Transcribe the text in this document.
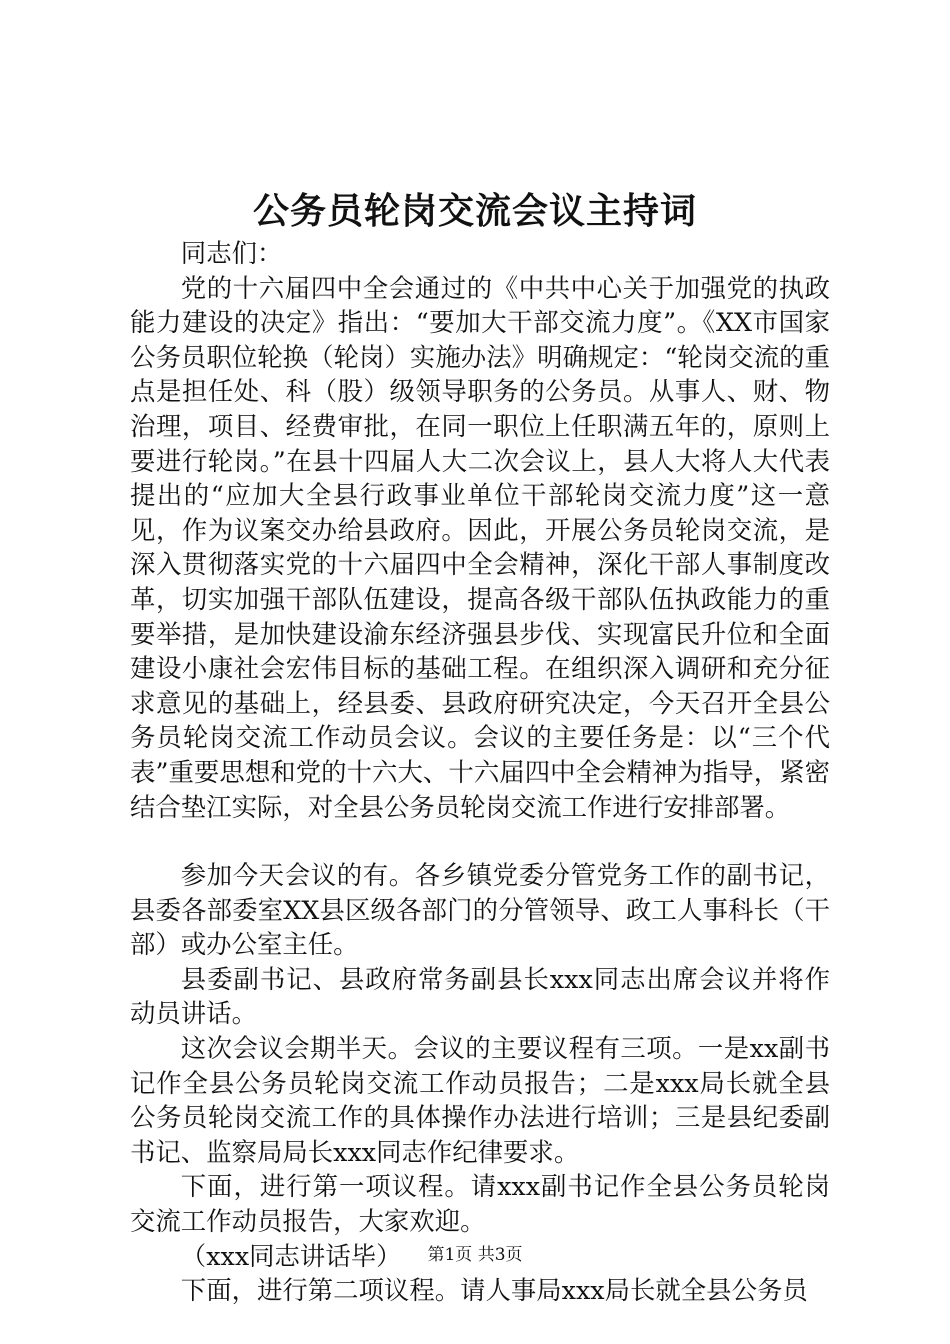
公务员轮岗交流会议主持词

同志们：

党的十六届四中全会通过的《中共中心关于加强党的执政能力建设的决定》指出：“要加大干部交流力度”。《XX市国家公务员职位轮换（轮岗）实施办法》明确规定：“轮岗交流的重点是担任处、科（股）级领导职务的公务员。从事人、财、物治理，项目、经费审批，在同一职位上任职满五年的，原则上要进行轮岗。”在县十四届人大二次会议上，县人大将人大代表提出的“应加大全县行政事业单位干部轮岗交流力度”这一意见，作为议案交办给县政府。因此，开展公务员轮岗交流，是深入贯彻落实党的十六届四中全会精神，深化干部人事制度改革，切实加强干部队伍建设，提高各级干部队伍执政能力的重要举措，是加快建设渝东经济强县步伐、实现富民升位和全面建设小康社会宏伟目标的基础工程。在组织深入调研和充分征求意见的基础上，经县委、县政府研究决定，今天召开全县公务员轮岗交流工作动员会议。会议的主要任务是：以“三个代表”重要思想和党的十六大、十六届四中全会精神为指导，紧密结合垫江实际，对全县公务员轮岗交流工作进行安排部署。

参加今天会议的有。各乡镇党委分管党务工作的副书记，县委各部委室XX县区级各部门的分管领导、政工人事科长（干部）或办公室主任。

县委副书记、县政府常务副县长xxx同志出席会议并将作动员讲话。

这次会议会期半天。会议的主要议程有三项。一是xx副书记作全县公务员轮岗交流工作动员报告；二是xxx局长就全县公务员轮岗交流工作的具体操作办法进行培训；三是县纪委副书记、监察局局长xxx同志作纪律要求。

下面，进行第一项议程。请xxx副书记作全县公务员轮岗交流工作动员报告，大家欢迎。

（xxx同志讲话毕）

下面，进行第二项议程。请人事局xxx局长就全县公务员

第1页 共3页
